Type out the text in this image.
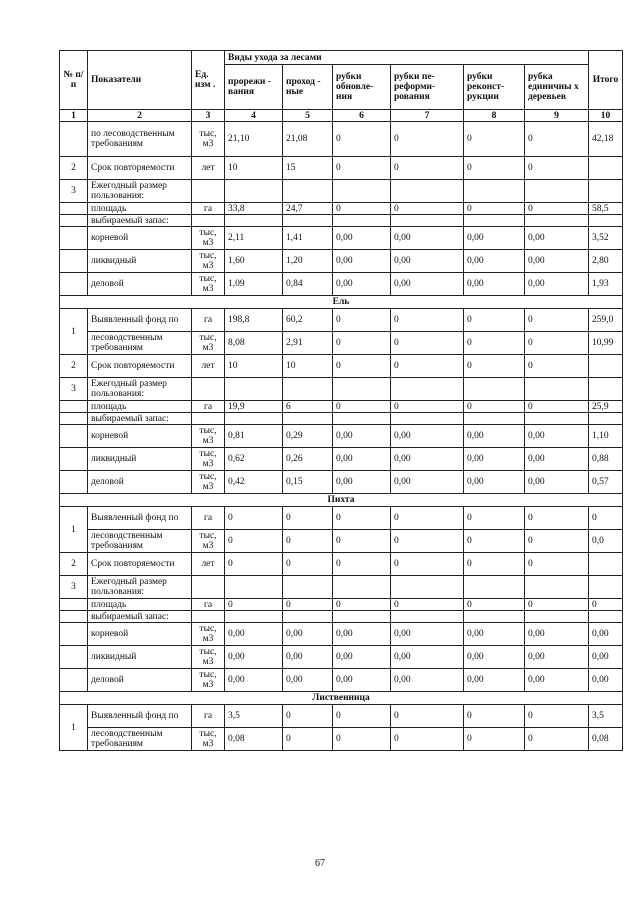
№ п/п	Показатели	Ед. изм .	Виды ухода за лесами						Итого
			прорежи - вания	проход - ные	рубки обновле- ния	рубки пе- реформи- рования	рубки реконст- рукции	рубка единичны х деревьев	
1	2	3	4	5	6	7	8	9	10
	по лесоводственным требованиям	тыс, м3	21,10	21,08	0	0	0	0	42,18
2	Срок повторяемости	лет	10	15	0	0	0	0	
3	Ежегодный размер пользования:								
	площадь	га	33,8	24,7	0	0	0	0	58,5
	выбираемый запас:								
	корневой	тыс, м3	2,11	1,41	0,00	0,00	0,00	0,00	3,52
	ликвидный	тыс, м3	1,60	1,20	0,00	0,00	0,00	0,00	2,80
	деловой	тыс, м3	1,09	0,84	0,00	0,00	0,00	0,00	1,93
Ель									
1	Выявленный фонд по	га	198,8	60,2	0	0	0	0	259,0
	лесоводственным требованиям	тыс, м3	8,08	2,91	0	0	0	0	10,99
2	Срок повторяемости	лет	10	10	0	0	0	0	
3	Ежегодный размер пользования:								
	площадь	га	19,9	6	0	0	0	0	25,9
	выбираемый запас:								
	корневой	тыс, м3	0,81	0,29	0,00	0,00	0,00	0,00	1,10
	ликвидный	тыс, м3	0,62	0,26	0,00	0,00	0,00	0,00	0,88
	деловой	тыс, м3	0,42	0,15	0,00	0,00	0,00	0,00	0,57
Пихта									
1	Выявленный фонд по	га	0	0	0	0	0	0	0
	лесоводственным требованиям	тыс, м3	0	0	0	0	0	0	0,0
2	Срок повторяемости	лет	0	0	0	0	0	0	
3	Ежегодный размер пользования:								
	площадь	га	0	0	0	0	0	0	0
	выбираемый запас:								
	корневой	тыс, м3	0,00	0,00	0,00	0,00	0,00	0,00	0,00
	ликвидный	тыс, м3	0,00	0,00	0,00	0,00	0,00	0,00	0,00
	деловой	тыс, м3	0,00	0,00	0,00	0,00	0,00	0,00	0,00
Лиственница									
1	Выявленный фонд по	га	3,5	0	0	0	0	0	3,5
	лесоводственным требованиям	тыс, м3	0,08	0	0	0	0	0	0,08
67
